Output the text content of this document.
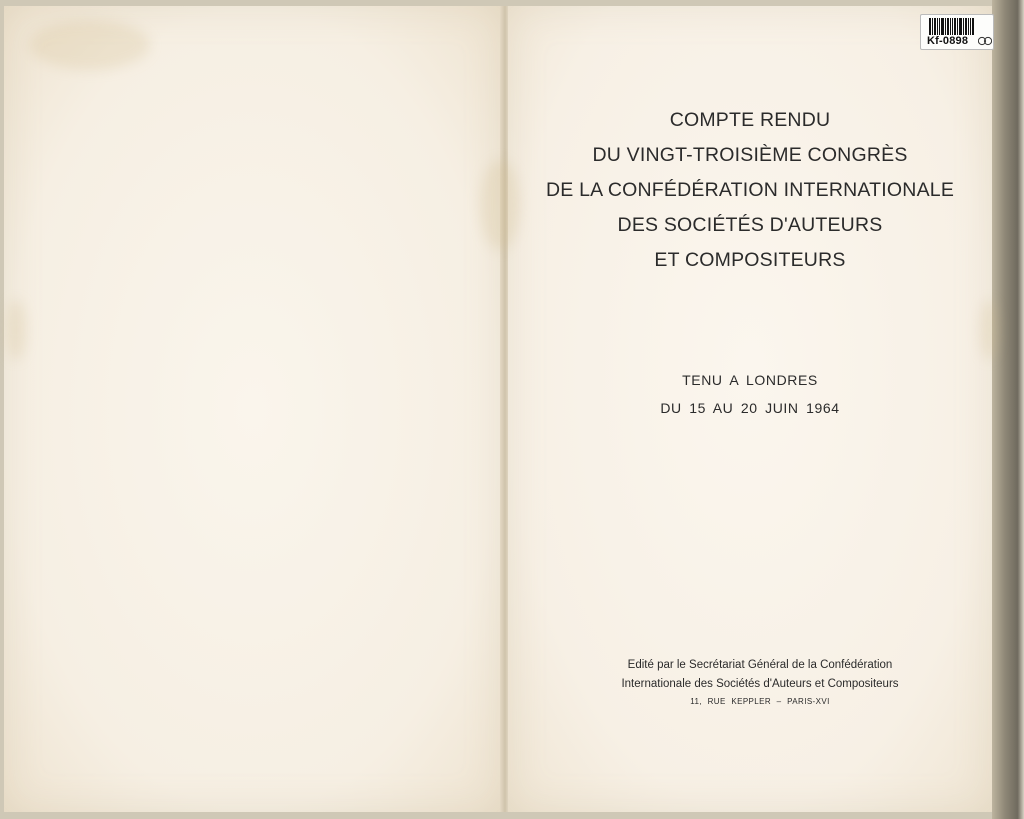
COMPTE RENDU
DU VINGT-TROISIÈME CONGRÈS
DE LA CONFÉDÉRATION INTERNATIONALE
DES SOCIÉTÉS D'AUTEURS
ET COMPOSITEURS
TENU A LONDRES
DU 15 AU 20 JUIN 1964
Edité par le Secrétariat Général de la Confédération
Internationale des Sociétés d'Auteurs et Compositeurs
11, RUE KEPPLER – PARIS-XVI
Kf-0898
